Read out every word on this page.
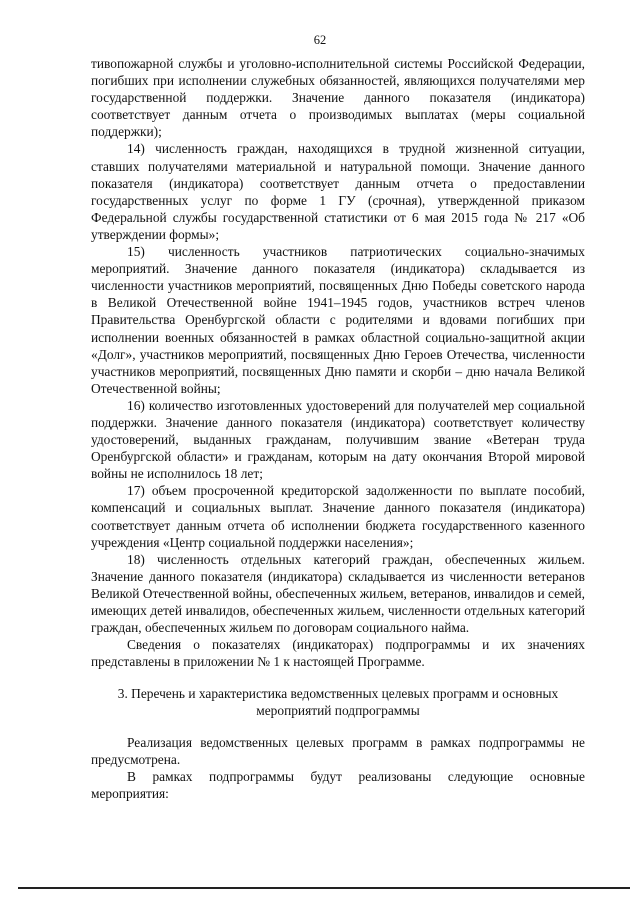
62

тивопожарной службы и уголовно-исполнительной системы Российской Федерации, погибших при исполнении служебных обязанностей, являющихся получателями мер государственной поддержки. Значение данного показателя (индикатора) соответствует данным отчета о производимых выплатах (меры социальной поддержки);

14) численность граждан, находящихся в трудной жизненной ситуации, ставших получателями материальной и натуральной помощи. Значение данного показателя (индикатора) соответствует данным отчета о предоставлении государственных услуг по форме 1 ГУ (срочная), утвержденной приказом Федеральной службы государственной статистики от 6 мая 2015 года № 217 «Об утверждении формы»;

15) численность участников патриотических социально-значимых мероприятий. Значение данного показателя (индикатора) складывается из численности участников мероприятий, посвященных Дню Победы советского народа в Великой Отечественной войне 1941–1945 годов, участников встреч членов Правительства Оренбургской области с родителями и вдовами погибших при исполнении военных обязанностей в рамках областной социально-защитной акции «Долг», участников мероприятий, посвященных Дню Героев Отечества, численности участников мероприятий, посвященных Дню памяти и скорби – дню начала Великой Отечественной войны;

16) количество изготовленных удостоверений для получателей мер социальной поддержки. Значение данного показателя (индикатора) соответствует количеству удостоверений, выданных гражданам, получившим звание «Ветеран труда Оренбургской области» и гражданам, которым на дату окончания Второй мировой войны не исполнилось 18 лет;

17) объем просроченной кредиторской задолженности по выплате пособий, компенсаций и социальных выплат. Значение данного показателя (индикатора) соответствует данным отчета об исполнении бюджета государственного казенного учреждения «Центр социальной поддержки населения»;

18) численность отдельных категорий граждан, обеспеченных жильем. Значение данного показателя (индикатора) складывается из численности ветеранов Великой Отечественной войны, обеспеченных жильем, ветеранов, инвалидов и семей, имеющих детей инвалидов, обеспеченных жильем, численности отдельных категорий граждан, обеспеченных жильем по договорам социального найма.

Сведения о показателях (индикаторах) подпрограммы и их значениях представлены в приложении № 1 к настоящей Программе.

3. Перечень и характеристика ведомственных целевых программ и основных мероприятий подпрограммы

Реализация ведомственных целевых программ в рамках подпрограммы не предусмотрена.

В рамках подпрограммы будут реализованы следующие основные мероприятия:
